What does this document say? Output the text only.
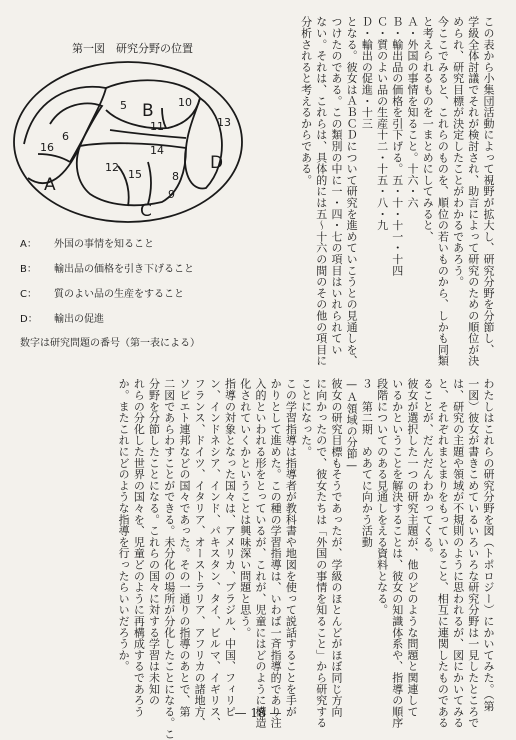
この表から小集団活動によって視野が拡大し、研究分野を分節し、

学級全体討議でそれが検討され、助言によって研究のための順位が決

められ、研究目標が決定したことがわかるであろう。

今ここでみると、これらのものを、順位の若いものから、しかも同類

と考えられるものを一まとめにしてみると、

Ａ・外国の事情を知ること。十六・六

Ｂ・輸出品の価格を引下げる。五・十・十一・十四

Ｃ・質のよい品の生産十二・十五・八・九

Ｄ・輸出の促進・十三

となる。彼女はＡＢＣＤについて研究を進めていこうとの見通しを、

つけたのである。この類別の中に一・四・七の項目はいれられてい

ない。それは、これらは、具体的には五～十六の間のその他の項目に

分析されると考えるからである。

第一図　研究分野の位置
A
B
C
D
5	10
11	13
16
6
14
12
15	8
9
A：	外国の事情を知ること
B：	輸出品の価格を引き下げること
C：	質のよい品の生産をすること
D：	輸出の促進
数字は研究問題の番号（第一表による）

わたしはこれらの研究分野を図（トポロジー）にかいてみた。（第

一図）彼女が書きこめているいろいろな研究分野は一見したところで

は、研究の主題や領域が不規則のように思われるが、図にかいてみる

と、それぞれまとまりをもっていること、相互に連関したものである

ることが、だんだんわかってくる。

彼女が選択した一つの研究主題が、他のどのような問題と関連して

いるかということを解決することは、彼女の知識体系や、指導の順序

段階についてのある見通しをえる資料となる。

３　第二期　めあてに向かう活動

—Ａ領域の分節—

彼女の研究目標もそうであったが、学級のほとんどがほぼ同じ方向

に向かったので、彼女たちは「外国の事情を知ること」から研究する

ことになった。

この学習指導は指導者が教科書や地図を使って説話することを手が

かりとして進めた。この種の学習指導は、いわば一斉指導的であり注

入的といわれる形をとっているが、これが、児童にはどのように構造

化されていくかということは興味深い問題と思う。

指導の対象となった国々は、アメリカ、ブラジル、中国、フィリピ

ン、インドネシア、インド、パキスタン、タイ、ビルマ、イギリス、

フランス、ドイツ、イタリア、オーストラリア、アフリカの諸地方、

ソビエト連邦などの国々であった。その一通りの指導のあとで、第

二図であらわすことができる。未分化の場所が分化したことになる。こ

分野を分節したことになる。これらの国々に対する学習は未知の

れらの分化した世界の国々を、児童どのように再構成するであろう

か。またこれにどのような指導を行ったらいいだろうか。

— 18 —
